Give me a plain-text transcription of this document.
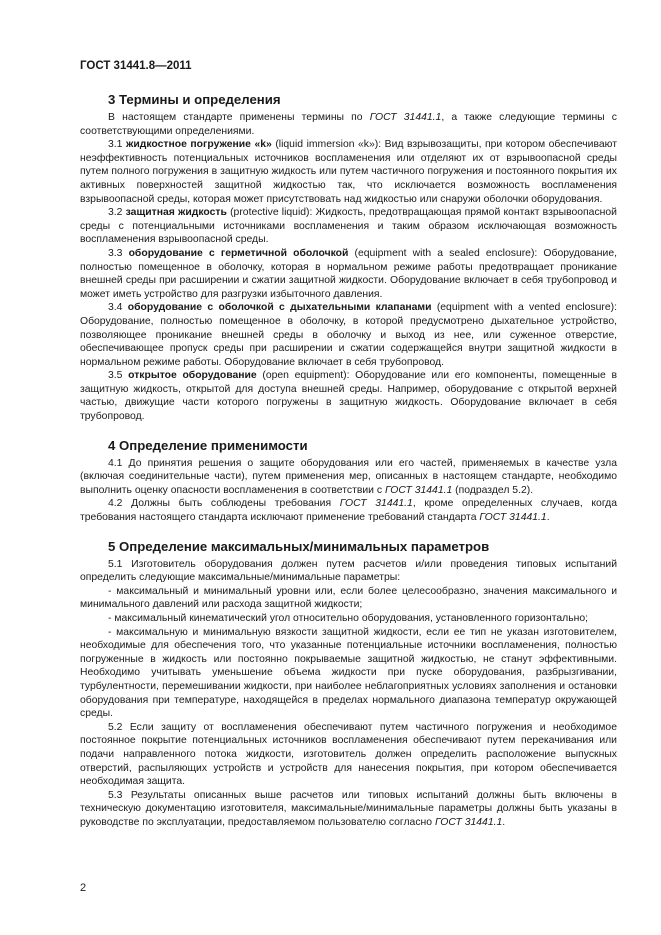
ГОСТ 31441.8—2011
3 Термины и определения

В настоящем стандарте применены термины по ГОСТ 31441.1, а также следующие термины с соответствующими определениями.

3.1 жидкостное погружение «k» (liquid immersion «k»): Вид взрывозащиты, при котором обеспечивают неэффективность потенциальных источников воспламенения или отделяют их от взрывоопасной среды путем полного погружения в защитную жидкость или путем частичного погружения и постоянного покрытия их активных поверхностей защитной жидкостью так, что исключается возможность воспламенения взрывоопасной среды, которая может присутствовать над жидкостью или снаружи оболочки оборудования.

3.2 защитная жидкость (protective liquid): Жидкость, предотвращающая прямой контакт взрывоопасной среды с потенциальными источниками воспламенения и таким образом исключающая возможность воспламенения взрывоопасной среды.

3.3 оборудование с герметичной оболочкой (equipment with a sealed enclosure): Оборудование, полностью помещенное в оболочку, которая в нормальном режиме работы предотвращает проникание внешней среды при расширении и сжатии защитной жидкости. Оборудование включает в себя трубопровод и может иметь устройство для разгрузки избыточного давления.

3.4 оборудование с оболочкой с дыхательными клапанами (equipment with a vented enclosure): Оборудование, полностью помещенное в оболочку, в которой предусмотрено дыхательное устройство, позволяющее проникание внешней среды в оболочку и выход из нее, или суженное отверстие, обеспечивающее пропуск среды при расширении и сжатии содержащейся внутри защитной жидкости в нормальном режиме работы. Оборудование включает в себя трубопровод.

3.5 открытое оборудование (open equipment): Оборудование или его компоненты, помещенные в защитную жидкость, открытой для доступа внешней среды. Например, оборудование с открытой верхней частью, движущие части которого погружены в защитную жидкость. Оборудование включает в себя трубопровод.

4 Определение применимости

4.1 До принятия решения о защите оборудования или его частей, применяемых в качестве узла (включая соединительные части), путем применения мер, описанных в настоящем стандарте, необходимо выполнить оценку опасности воспламенения в соответствии с ГОСТ 31441.1 (подраздел 5.2).

4.2 Должны быть соблюдены требования ГОСТ 31441.1, кроме определенных случаев, когда требования настоящего стандарта исключают применение требований стандарта ГОСТ 31441.1.

5 Определение максимальных/минимальных параметров

5.1 Изготовитель оборудования должен путем расчетов и/или проведения типовых испытаний определить следующие максимальные/минимальные параметры:

- максимальный и минимальный уровни или, если более целесообразно, значения максимального и минимального давлений или расхода защитной жидкости;

- максимальный кинематический угол относительно оборудования, установленного горизонтально;

- максимальную и минимальную вязкости защитной жидкости, если ее тип не указан изготовителем, необходимые для обеспечения того, что указанные потенциальные источники воспламенения, полностью погруженные в жидкость или постоянно покрываемые защитной жидкостью, не станут эффективными. Необходимо учитывать уменьшение объема жидкости при пуске оборудования, разбрызгивании, турбулентности, перемешивании жидкости, при наиболее неблагоприятных условиях заполнения и остановки оборудования при температуре, находящейся в пределах нормального диапазона температур окружающей среды.

5.2 Если защиту от воспламенения обеспечивают путем частичного погружения и необходимое постоянное покрытие потенциальных источников воспламенения обеспечивают путем перекачивания или подачи направленного потока жидкости, изготовитель должен определить расположение выпускных отверстий, распыляющих устройств и устройств для нанесения покрытия, при котором обеспечивается необходимая защита.

5.3 Результаты описанных выше расчетов или типовых испытаний должны быть включены в техническую документацию изготовителя, максимальные/минимальные параметры должны быть указаны в руководстве по эксплуатации, предоставляемом пользователю согласно ГОСТ 31441.1.

2
